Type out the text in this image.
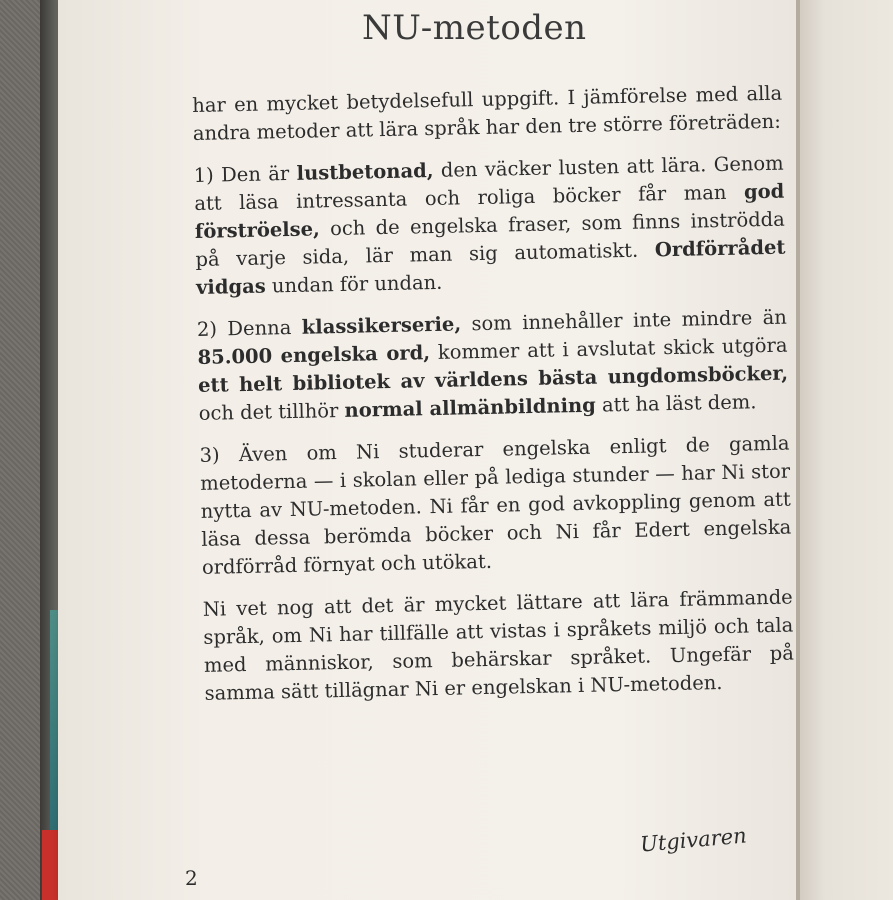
NU-metoden

har en mycket betydelsefull uppgift. I jämförelse med alla andra metoder att lära språk har den tre större företräden:

1) Den är lustbetonad, den väcker lusten att lära. Genom att läsa intressanta och roliga böcker får man god förströelse, och de engelska fraser, som finns inströdda på varje sida, lär man sig automatiskt. Ordförrådet vidgas undan för undan.

2) Denna klassikerserie, som innehåller inte mindre än 85.000 engelska ord, kommer att i avslutat skick utgöra ett helt bibliotek av världens bästa ungdomsböcker, och det tillhör normal allmänbildning att ha läst dem.

3) Även om Ni studerar engelska enligt de gamla metoderna — i skolan eller på lediga stunder — har Ni stor nytta av NU-metoden. Ni får en god avkoppling genom att läsa dessa berömda böcker och Ni får Edert engelska ordförråd förnyat och utökat.

Ni vet nog att det är mycket lättare att lära främmande språk, om Ni har tillfälle att vistas i språkets miljö och tala med människor, som behärskar språket. Ungefär på samma sätt tillägnar Ni er engelskan i NU-metoden.

Utgivaren
2
